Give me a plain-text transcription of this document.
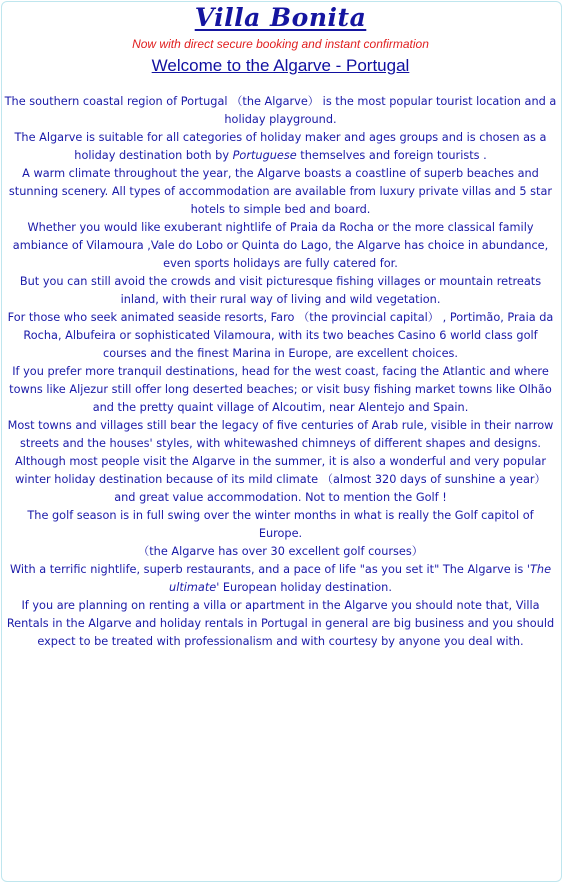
Villa Bonita
Now with direct secure booking and instant confirmation
Welcome to the Algarve - Portugal

The southern coastal region of Portugal （the Algarve） is the most popular tourist location and a holiday playground.

The Algarve is suitable for all categories of holiday maker and ages groups and is chosen as a holiday destination both by Portuguese themselves and foreign tourists .

A warm climate throughout the year, the Algarve boasts a coastline of superb beaches and stunning scenery. All types of accommodation are available from luxury private villas and 5 star hotels to simple bed and board.

Whether you would like exuberant nightlife of Praia da Rocha or the more classical family ambiance of Vilamoura ,Vale do Lobo or Quinta do Lago, the Algarve has choice in abundance, even sports holidays are fully catered for.

But you can still avoid the crowds and visit picturesque fishing villages or mountain retreats inland, with their rural way of living and wild vegetation.

For those who seek animated seaside resorts, Faro （the provincial capital） , Portimão, Praia da Rocha, Albufeira or sophisticated Vilamoura, with its two beaches Casino 6 world class golf courses and the finest Marina in Europe, are excellent choices.

If you prefer more tranquil destinations, head for the west coast, facing the Atlantic and where towns like Aljezur still offer long deserted beaches; or visit busy fishing market towns like Olhão and the pretty quaint village of Alcoutim, near Alentejo and Spain.

Most towns and villages still bear the legacy of five centuries of Arab rule, visible in their narrow streets and the houses' styles, with whitewashed chimneys of different shapes and designs.

Although most people visit the Algarve in the summer, it is also a wonderful and very popular winter holiday destination because of its mild climate （almost 320 days of sunshine a year） and great value accommodation. Not to mention the Golf !

The golf season is in full swing over the winter months in what is really the Golf capitol of Europe.

（the Algarve has over 30 excellent golf courses）

With a terrific nightlife, superb restaurants, and a pace of life "as you set it" The Algarve is 'The ultimate' European holiday destination.

If you are planning on renting a villa or apartment in the Algarve you should note that, Villa Rentals in the Algarve and holiday rentals in Portugal in general are big business and you should expect to be treated with professionalism and with courtesy by anyone you deal with.
